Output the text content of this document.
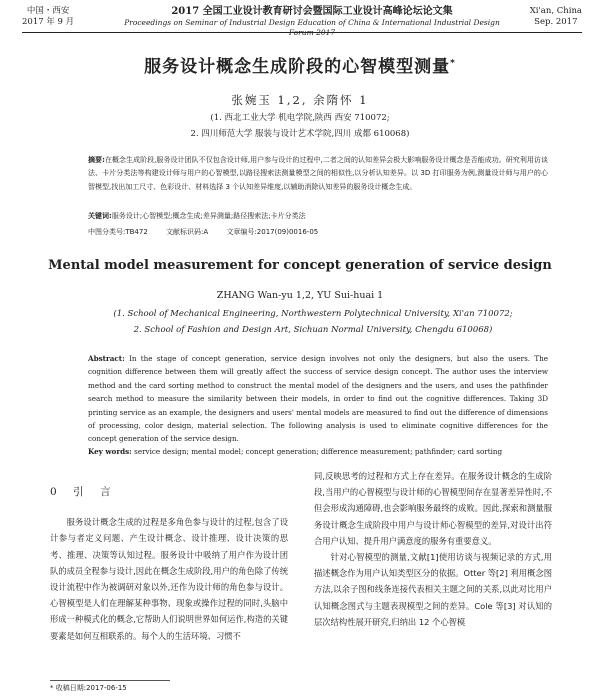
中国・西安
2017 年 9 月
2017 全国工业设计教育研讨会暨国际工业设计高峰论坛论文集
Proceedings on Seminar of Industrial Design Education of China & International Industrial Design Forum 2017
Xi'an, China
Sep. 2017
服务设计概念生成阶段的心智模型测量*
张婉玉 1,2, 余隋怀 1
(1. 西北工业大学 机电学院,陕西 西安 710072;
2. 四川师范大学 服装与设计艺术学院,四川 成都 610068)
摘要:在概念生成阶段,服务设计团队不仅包含设计师,用户参与设计的过程中,二者之间的认知差异会极大影响服务设计概念是否能成功。研究利用访谈法、卡片分类法等构建设计师与用户的心智模型,以路径搜索法测量模型之间的相似性,以分析认知差异。以 3D 打印服务为例,测量设计师与用户的心智模型,找出加工尺寸、色彩设计、材料选择 3 个认知差异维度,以辅助消除认知差异的服务设计概念生成。
关键词:服务设计;心智模型;概念生成;差异测量;路径搜索法;卡片分类法
中图分类号:TB472	文献标识码:A	文章编号:2017(09)0016-05
Mental model measurement for concept generation of service design
ZHANG Wan-yu 1,2, YU Sui-huai 1
(1. School of Mechanical Engineering, Northwestern Polytechnical University, Xi'an 710072;
2. School of Fashion and Design Art, Sichuan Normal University, Chengdu 610068)
Abstract: In the stage of concept generation, service design involves not only the designers, but also the users. The cognition difference between them will greatly affect the success of service design concept. The author uses the interview method and the card sorting method to construct the mental model of the designers and the users, and uses the pathfinder search method to measure the similarity between their models, in order to find out the cognitive differences. Taking 3D printing service as an example, the designers and users' mental models are measured to find out the difference of dimensions of processing, color design, material selection. The following analysis is used to eliminate cognitive differences for the concept generation of the service design.
Key words: service design; mental model; concept generation; difference measurement; pathfinder; card sorting
0　引　言

服务设计概念生成的过程是多角色参与设计的过程,包含了设计参与者定义问题、产生设计概念、设计推理、设计决策的思考、推理、决策等认知过程。服务设计中吸纳了用户作为设计团队的成员全程参与设计,因此在概念生成阶段,用户的角色除了传统设计流程中作为被调研对象以外,还作为设计师的角色参与设计。心智模型是人们在理解某种事物、现象或操作过程的同时,头脑中形成一种模式化的概念,它帮助人们说明世界如何运作,构造的关键要素是如何互相联系的。每个人的生活环境、习惯不

同,反映思考的过程和方式上存在差异。在服务设计概念的生成阶段,当用户的心智模型与设计师的心智模型间存在显著差异性时,不但会形成沟通障碍,也会影响服务最终的成败。因此,探索和测量服务设计概念生成阶段中用户与设计师心智模型的差异,对设计出符合用户认知、提升用户满意度的服务有重要意义。

针对心智模型的测量,文献[1]使用访谈与视频记录的方式,用描述概念作为用户认知类型区分的依据。Otter 等[2] 利用概念图方法,以余子图和线条连接代表相关主题之间的关系,以此对比用户认知概念图式与主题表现模型之间的差异。Cole 等[3] 对认知的层次结构性展开研究,归纳出 12 个心智模

* 收稿日期:2017-06-15
